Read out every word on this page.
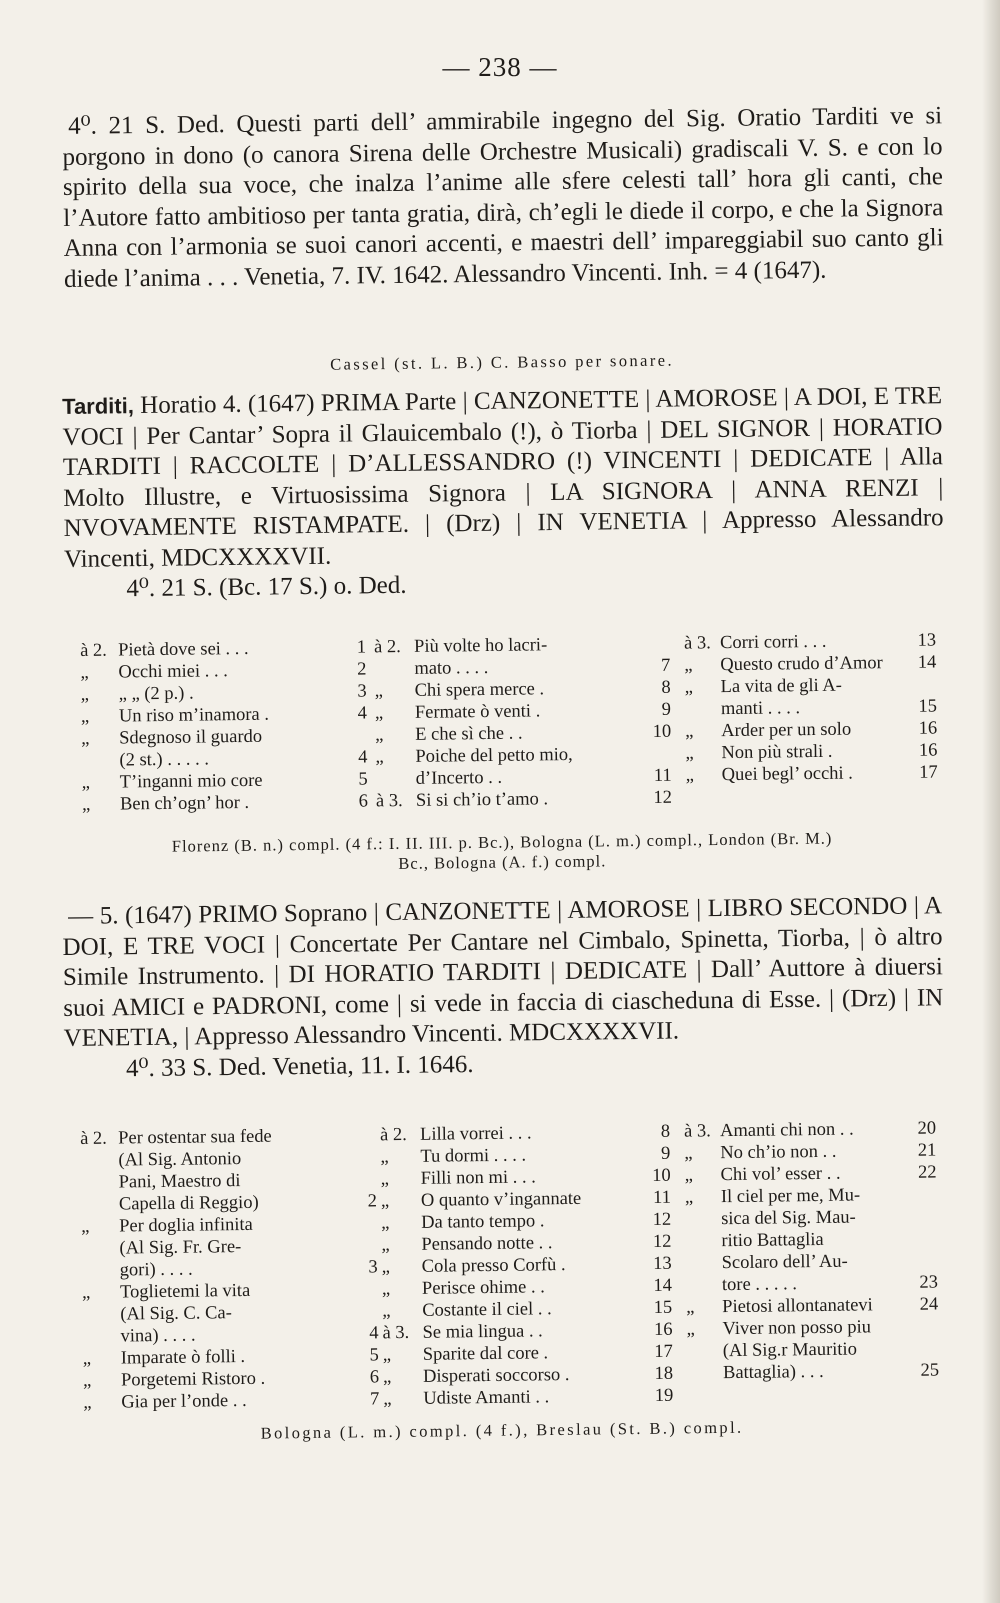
— 238 —

4⁰. 21 S. Ded. Questi parti dell’ ammirabile ingegno del Sig. Oratio Tarditi ve si porgono in dono (o canora Sirena delle Orchestre Musicali) gradiscali V. S. e con lo spirito della sua voce, che inalza l’anime alle sfere celesti tall’ hora gli canti, che l’Autore fatto ambitioso per tanta gratia, dirà, ch’egli le diede il corpo, e che la Signora Anna con l’armonia se suoi canori accenti, e maestri dell’ impareggiabil suo canto gli diede l’anima . . . Venetia, 7. IV. 1642. Alessandro Vincenti. Inh. = 4 (1647).

Cassel (st. L. B.) C. Basso per sonare.

Tarditi, Horatio 4. (1647) PRIMA Parte | CANZONETTE | AMOROSE | A DOI, E TRE VOCI | Per Cantar’ Sopra il Glauicembalo (!), ò Tiorba | DEL SIGNOR | HORATIO TARDITI | RACCOLTE | D’ALLESSANDRO (!) VINCENTI | DEDICATE | Alla Molto Illustre, e Virtuosissima Signora | LA SIGNORA | ANNA RENZI | NVOVAMENTE RISTAMPATE. | (Drz) | IN VENETIA | Appresso Alessandro Vincenti, MDCXXXXVII.

4⁰. 21 S. (Bc. 17 S.) o. Ded.

à 2. Pietà dove sei . . .	1
„ Occhi miei . . .	2
„ „ „ (2 p.) .	3
„ Un riso m’inamora .	4
„ Sdegnoso il guardo
(2 st.) . . . . .	4
„ T’inganni mio core	5
„ Ben ch’ogn’ hor .	6
à 2. Più volte ho lacri-
mato . . . .	7
„ Chi spera merce .	8
„ Fermate ò venti .	9
„ E che sì che . .	10
„ Poiche del petto mio,
d’Incerto . .	11
à 3. Si si ch’io t’amo .	12
à 3. Corri corri . . .	13
„ Questo crudo d’Amor	14
„ La vita de gli A-
manti . . . .	15
„ Arder per un solo	16
„ Non più strali .	16
„ Quei begl’ occhi .	17
Florenz (B. n.) compl. (4 f.: I. II. III. p. Bc.), Bologna (L. m.) compl., London (Br. M.)
Bc., Bologna (A. f.) compl.

— 5. (1647) PRIMO Soprano | CANZONETTE | AMOROSE | LIBRO SECONDO | A DOI, E TRE VOCI | Concertate Per Cantare nel Cimbalo, Spinetta, Tiorba, | ò altro Simile Instrumento. | DI HORATIO TARDITI | DEDICATE | Dall’ Auttore à diuersi suoi AMICI e PADRONI, come | si vede in faccia di ciascheduna di Esse. | (Drz) | IN VENETIA, | Appresso Alessandro Vincenti. MDCXXXXVII.

4⁰. 33 S. Ded. Venetia, 11. I. 1646.

à 2. Per ostentar sua fede
(Al Sig. Antonio
Pani, Maestro di
Capella di Reggio)	2
„ Per doglia infinita
(Al Sig. Fr. Gre-
gori) . . . .	3
„ Toglietemi la vita
(Al Sig. C. Ca-
vina) . . . .	4
„ Imparate ò folli .	5
„ Porgetemi Ristoro .	6
„ Gia per l’onde . .	7
à 2. Lilla vorrei . . .	8
„ Tu dormi . . . .	9
„ Filli non mi . . .	10
„ O quanto v’ingannate	11
„ Da tanto tempo .	12
„ Pensando notte . .	12
„ Cola presso Corfù .	13
„ Perisce ohime . .	14
„ Costante il ciel . .	15
à 3. Se mia lingua . .	16
„ Sparite dal core .	17
„ Disperati soccorso .	18
„ Udiste Amanti . .	19
à 3. Amanti chi non . .	20
„ No ch’io non . .	21
„ Chi vol’ esser . .	22
„ Il ciel per me, Mu-
sica del Sig. Mau-
ritio Battaglia
Scolaro dell’ Au-
tore . . . . .	23
„ Pietosi allontanatevi	24
„ Viver non posso piu
(Al Sig.r Mauritio
Battaglia) . . .	25
Bologna (L. m.) compl. (4 f.), Breslau (St. B.) compl.
